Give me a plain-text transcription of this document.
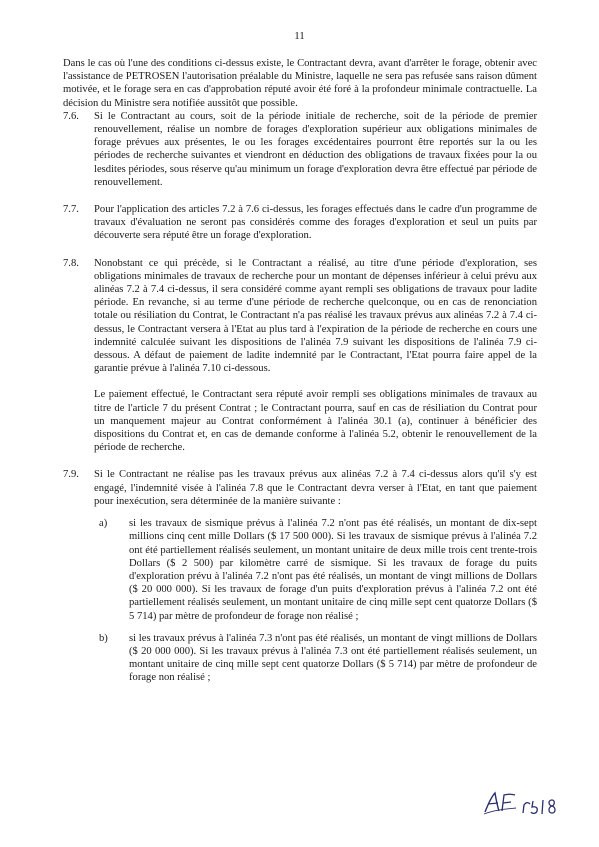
11

Dans le cas où l'une des conditions ci-dessus existe, le Contractant devra, avant d'arrêter le forage, obtenir avec l'assistance de PETROSEN l'autorisation préalable du Ministre, laquelle ne sera pas refusée sans raison dûment motivée, et le forage sera en cas d'approbation réputé avoir été foré à la profondeur minimale contractuelle. La décision du Ministre sera notifiée aussitôt que possible.

7.6.	Si le Contractant au cours, soit de la période initiale de recherche, soit de la période de premier renouvellement, réalise un nombre de forages d'exploration supérieur aux obligations minimales de forage prévues aux présentes, le ou les forages excédentaires pourront être reportés sur la ou les périodes de recherche suivantes et viendront en déduction des obligations de travaux fixées pour la ou lesdites périodes, sous réserve qu'au minimum un forage d'exploration devra être effectué par période de renouvellement.

7.7.	Pour l'application des articles 7.2 à 7.6 ci-dessus, les forages effectués dans le cadre d'un programme de travaux d'évaluation ne seront pas considérés comme des forages d'exploration et seul un puits par découverte sera réputé être un forage d'exploration.

7.8.	Nonobstant ce qui précède, si le Contractant a réalisé, au titre d'une période d'exploration, ses obligations minimales de travaux de recherche pour un montant de dépenses inférieur à celui prévu aux alinéas 7.2 à 7.4 ci-dessus, il sera considéré comme ayant rempli ses obligations de travaux pour ladite période. En revanche, si au terme d'une période de recherche quelconque, ou en cas de renonciation totale ou résiliation du Contrat, le Contractant n'a pas réalisé les travaux prévus aux alinéas 7.2 à 7.4 ci-dessus, le Contractant versera à l'Etat au plus tard à l'expiration de la période de recherche en cours une indemnité calculée suivant les dispositions de l'alinéa 7.9 suivant les dispositions de l'alinéa 7.9 ci-dessous. A défaut de paiement de ladite indemnité par le Contractant, l'Etat pourra faire appel de la garantie prévue à l'alinéa 7.10 ci-dessous.

Le paiement effectué, le Contractant sera réputé avoir rempli ses obligations minimales de travaux au titre de l'article 7 du présent Contrat ; le Contractant pourra, sauf en cas de résiliation du Contrat pour un manquement majeur au Contrat conformément à l'alinéa 30.1 (a), continuer à bénéficier des dispositions du Contrat et, en cas de demande conforme à l'alinéa 5.2, obtenir le renouvellement de la période de recherche.

7.9.	Si le Contractant ne réalise pas les travaux prévus aux alinéas 7.2 à 7.4 ci-dessus alors qu'il s'y est engagé, l'indemnité visée à l'alinéa 7.8 que le Contractant devra verser à l'Etat, en tant que paiement pour inexécution, sera déterminée de la manière suivante :

a)	si les travaux de sismique prévus à l'alinéa 7.2 n'ont pas été réalisés, un montant de dix-sept millions cinq cent mille Dollars ($ 17 500 000). Si les travaux de sismique prévus à l'alinéa 7.2 ont été partiellement réalisés seulement, un montant unitaire de deux mille trois cent trente-trois Dollars ($ 2 500) par kilomètre carré de sismique. Si les travaux de forage du puits d'exploration prévu à l'alinéa 7.2 n'ont pas été réalisés, un montant de vingt millions de Dollars ($ 20 000 000). Si les travaux de forage d'un puits d'exploration prévus à l'alinéa 7.2 ont été partiellement réalisés seulement, un montant unitaire de cinq mille sept cent quatorze Dollars ($ 5 714) par mètre de profondeur de forage non réalisé ;
b)	si les travaux prévus à l'alinéa 7.3 n'ont pas été réalisés, un montant de vingt millions de Dollars ($ 20 000 000). Si les travaux prévus à l'alinéa 7.3 ont été partiellement réalisés seulement, un montant unitaire de cinq mille sept cent quatorze Dollars ($ 5 714) par mètre de profondeur de forage non réalisé ;
